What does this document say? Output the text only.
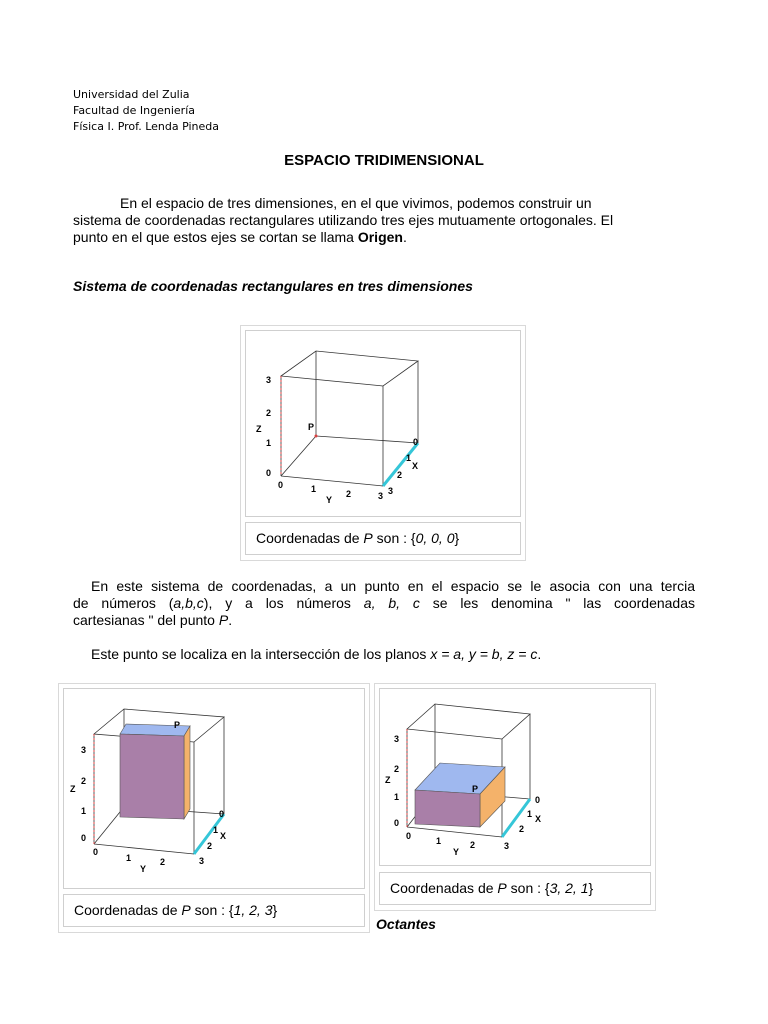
Universidad del Zulia
Facultad de Ingeniería
Física I. Prof. Lenda Pineda
ESPACIO TRIDIMENSIONAL
En el espacio de tres dimensiones, en el que vivimos, podemos construir un
sistema de coordenadas rectangulares utilizando tres ejes mutuamente ortogonales. El
punto en el que estos ejes se cortan se llama Origen.
Sistema de coordenadas rectangulares en tres dimensiones
3
2
1
0
Z	P
0	1	2	3
Y
0
1
2
3
X
Coordenadas de P son : {0, 0, 0}
En este sistema de coordenadas, a un punto en el espacio se le asocia con una tercia
de números (a,b,c), y a los números a, b, c se les denomina " las coordenadas
cartesianas " del punto P.
Este punto se localiza en la intersección de los planos x = a, y = b, z = c.
P
3
2
1
0
Z
0
1	2	3
Y
0
1
2
X
Coordenadas de P son : {1, 2, 3}
P
3
2
1
0
Z
0	1	2	3
Y
0
1
2
X
Coordenadas de P son : {3, 2, 1}
Octantes
